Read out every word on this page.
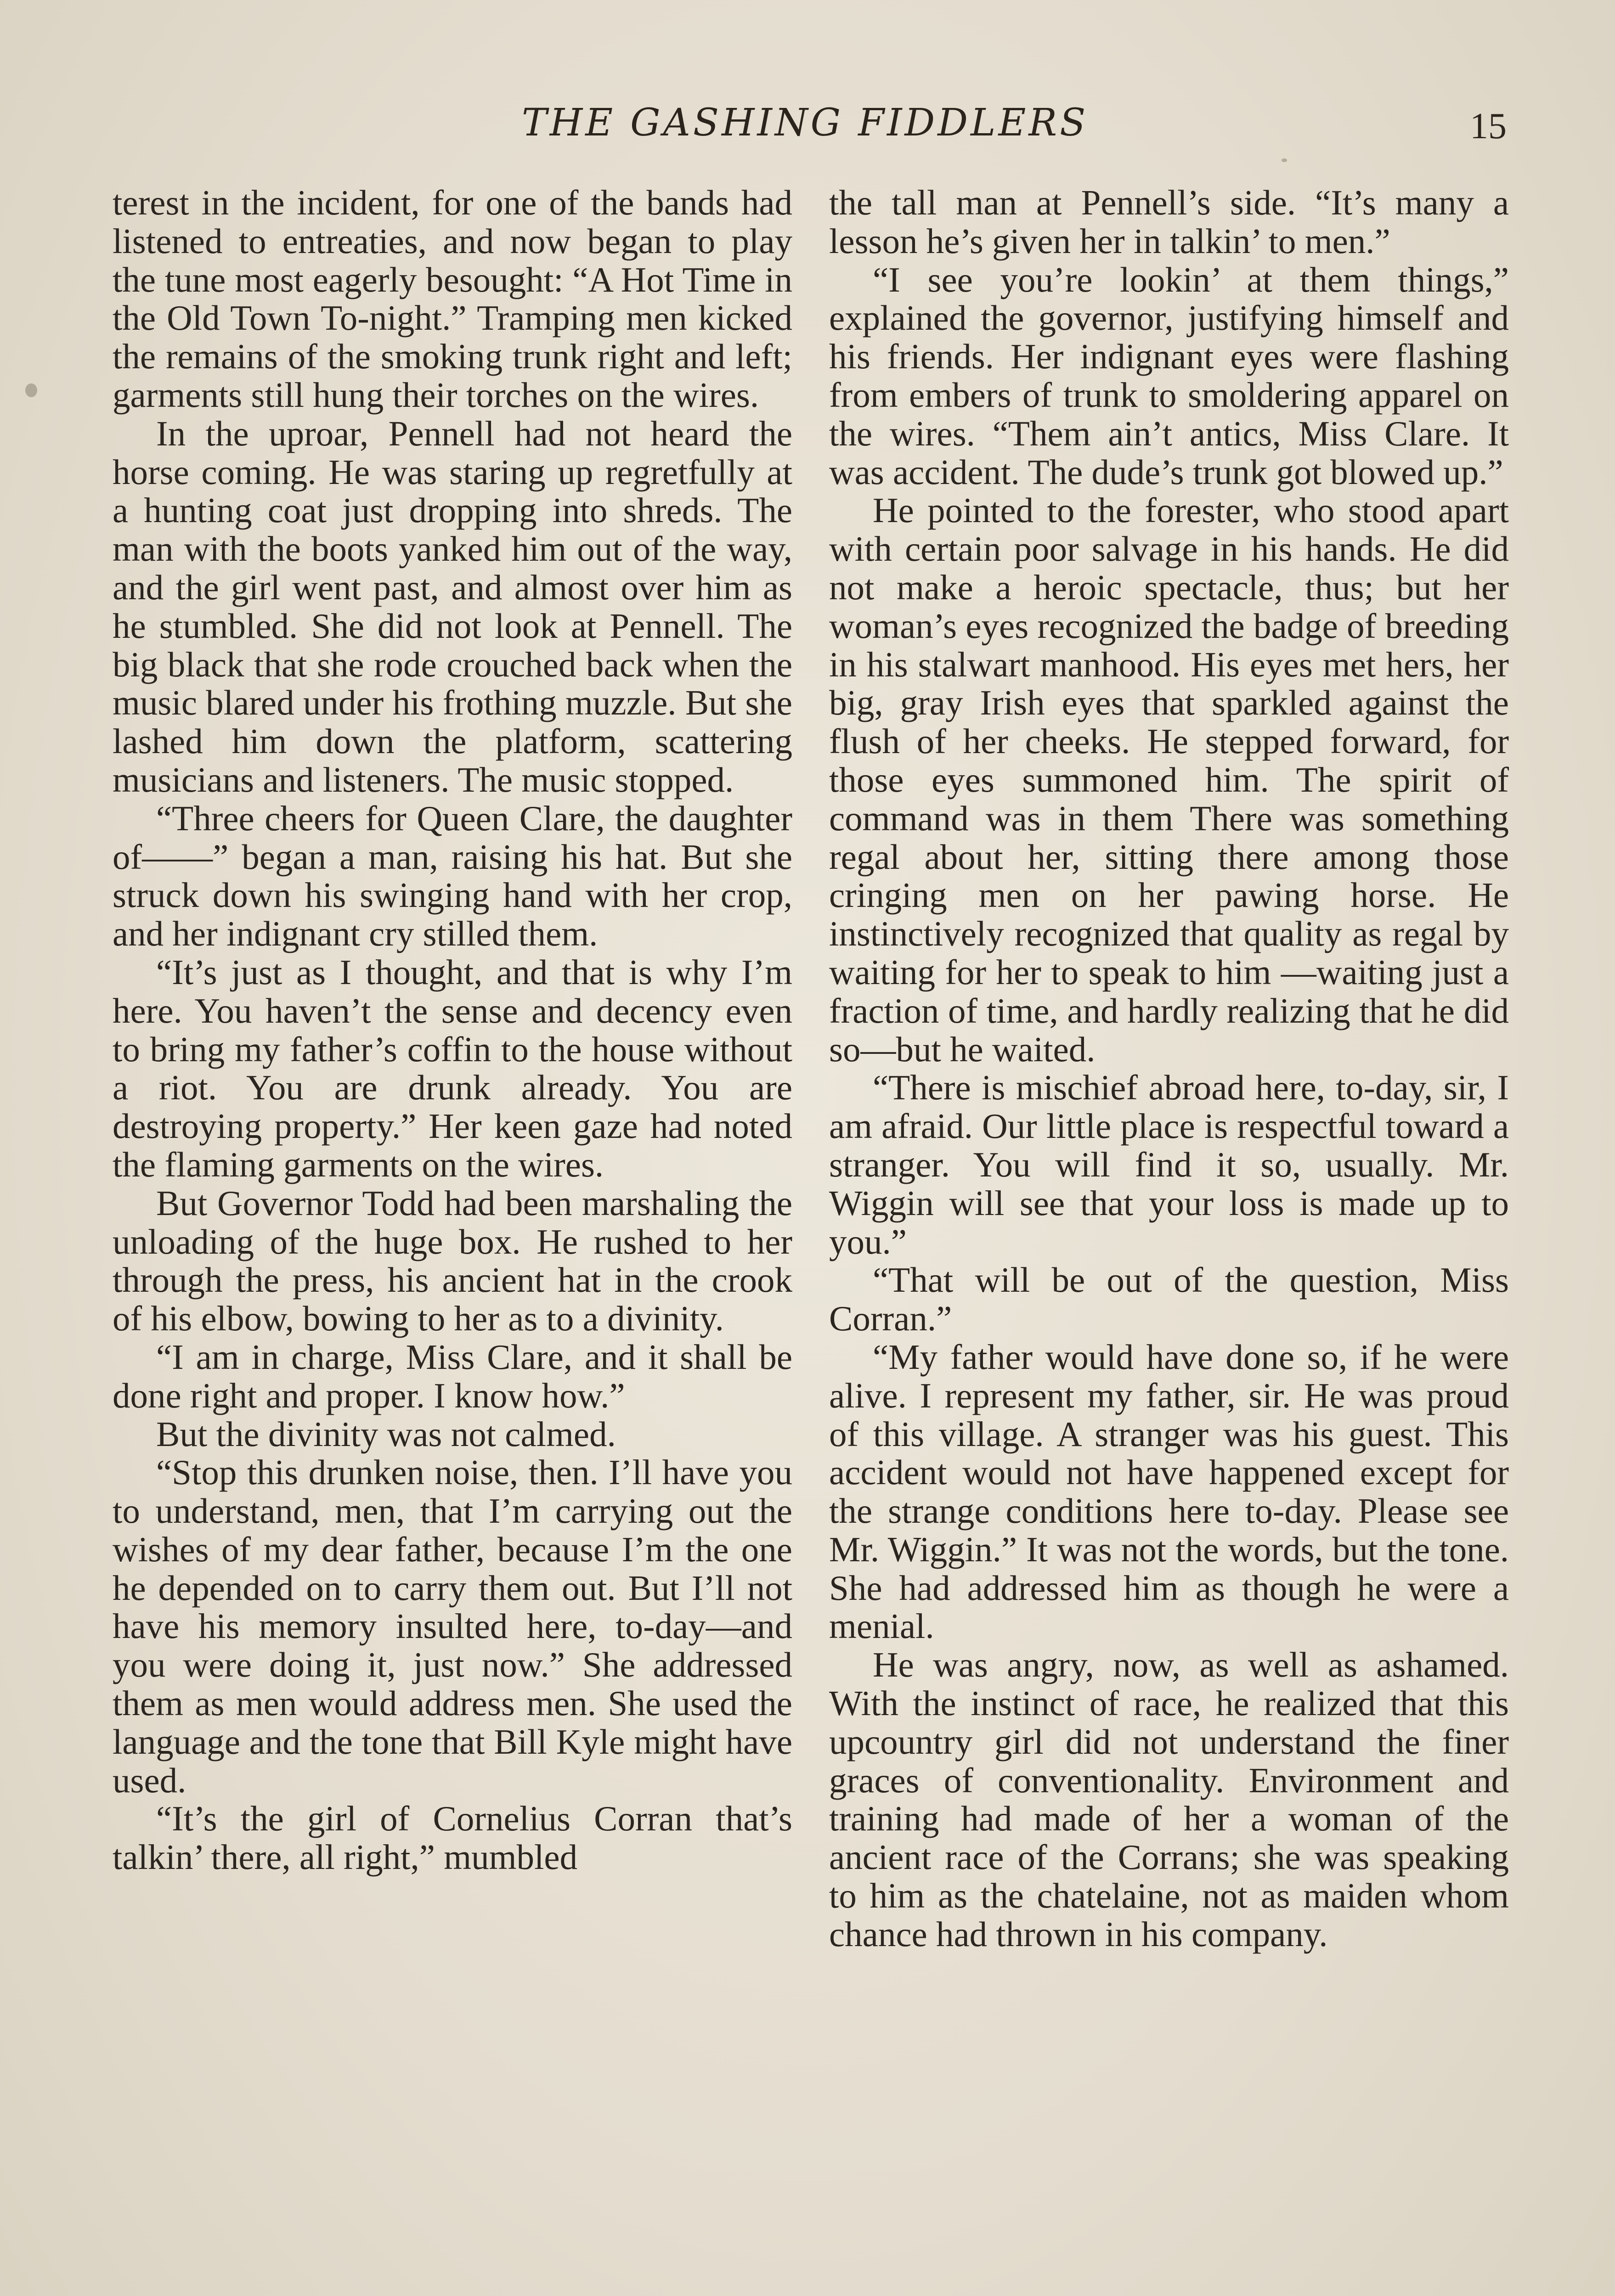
THE GASHING FIDDLERS	15

terest in the incident, for one of the bands had listened to entreaties, and now began to play the tune most eagerly besought: “A Hot Time in the Old Town To-night.” Tramping men kicked the remains of the smoking trunk right and left; garments still hung their torches on the wires.

In the uproar, Pennell had not heard the horse coming. He was staring up regretfully at a hunting coat just dropping into shreds. The man with the boots yanked him out of the way, and the girl went past, and almost over him as he stumbled. She did not look at Pennell. The big black that she rode crouched back when the music blared under his frothing muzzle. But she lashed him down the platform, scattering musicians and listeners. The music stopped.

“Three cheers for Queen Clare, the daughter of——” began a man, raising his hat. But she struck down his swinging hand with her crop, and her indignant cry stilled them.

“It’s just as I thought, and that is why I’m here. You haven’t the sense and decency even to bring my father’s coffin to the house without a riot. You are drunk already. You are destroying property.” Her keen gaze had noted the flaming garments on the wires.

But Governor Todd had been marshaling the unloading of the huge box. He rushed to her through the press, his ancient hat in the crook of his elbow, bowing to her as to a divinity.

“I am in charge, Miss Clare, and it shall be done right and proper. I know how.”

But the divinity was not calmed.

“Stop this drunken noise, then. I’ll have you to understand, men, that I’m carrying out the wishes of my dear father, because I’m the one he depended on to carry them out. But I’ll not have his memory insulted here, to-day—and you were doing it, just now.” She addressed them as men would address men. She used the language and the tone that Bill Kyle might have used.

“It’s the girl of Cornelius Corran that’s talkin’ there, all right,” mumbled

the tall man at Pennell’s side. “It’s many a lesson he’s given her in talkin’ to men.”

“I see you’re lookin’ at them things,” explained the governor, justifying himself and his friends. Her indignant eyes were flashing from embers of trunk to smoldering apparel on the wires. “Them ain’t antics, Miss Clare. It was accident. The dude’s trunk got blowed up.”

He pointed to the forester, who stood apart with certain poor salvage in his hands. He did not make a heroic spectacle, thus; but her woman’s eyes recognized the badge of breeding in his stalwart manhood. His eyes met hers, her big, gray Irish eyes that sparkled against the flush of her cheeks. He stepped forward, for those eyes summoned him. The spirit of command was in them There was something regal about her, sitting there among those cringing men on her pawing horse. He instinctively recognized that quality as regal by waiting for her to speak to him —waiting just a fraction of time, and hardly realizing that he did so—but he waited.

“There is mischief abroad here, to-day, sir, I am afraid. Our little place is respectful toward a stranger. You will find it so, usually. Mr. Wiggin will see that your loss is made up to you.”

“That will be out of the question, Miss Corran.”

“My father would have done so, if he were alive. I represent my father, sir. He was proud of this village. A stranger was his guest. This accident would not have happened except for the strange conditions here to-day. Please see Mr. Wiggin.” It was not the words, but the tone. She had addressed him as though he were a menial.

He was angry, now, as well as ashamed. With the instinct of race, he realized that this upcountry girl did not understand the finer graces of conventionality. Environment and training had made of her a woman of the ancient race of the Corrans; she was speaking to him as the chatelaine, not as maiden whom chance had thrown in his company.
